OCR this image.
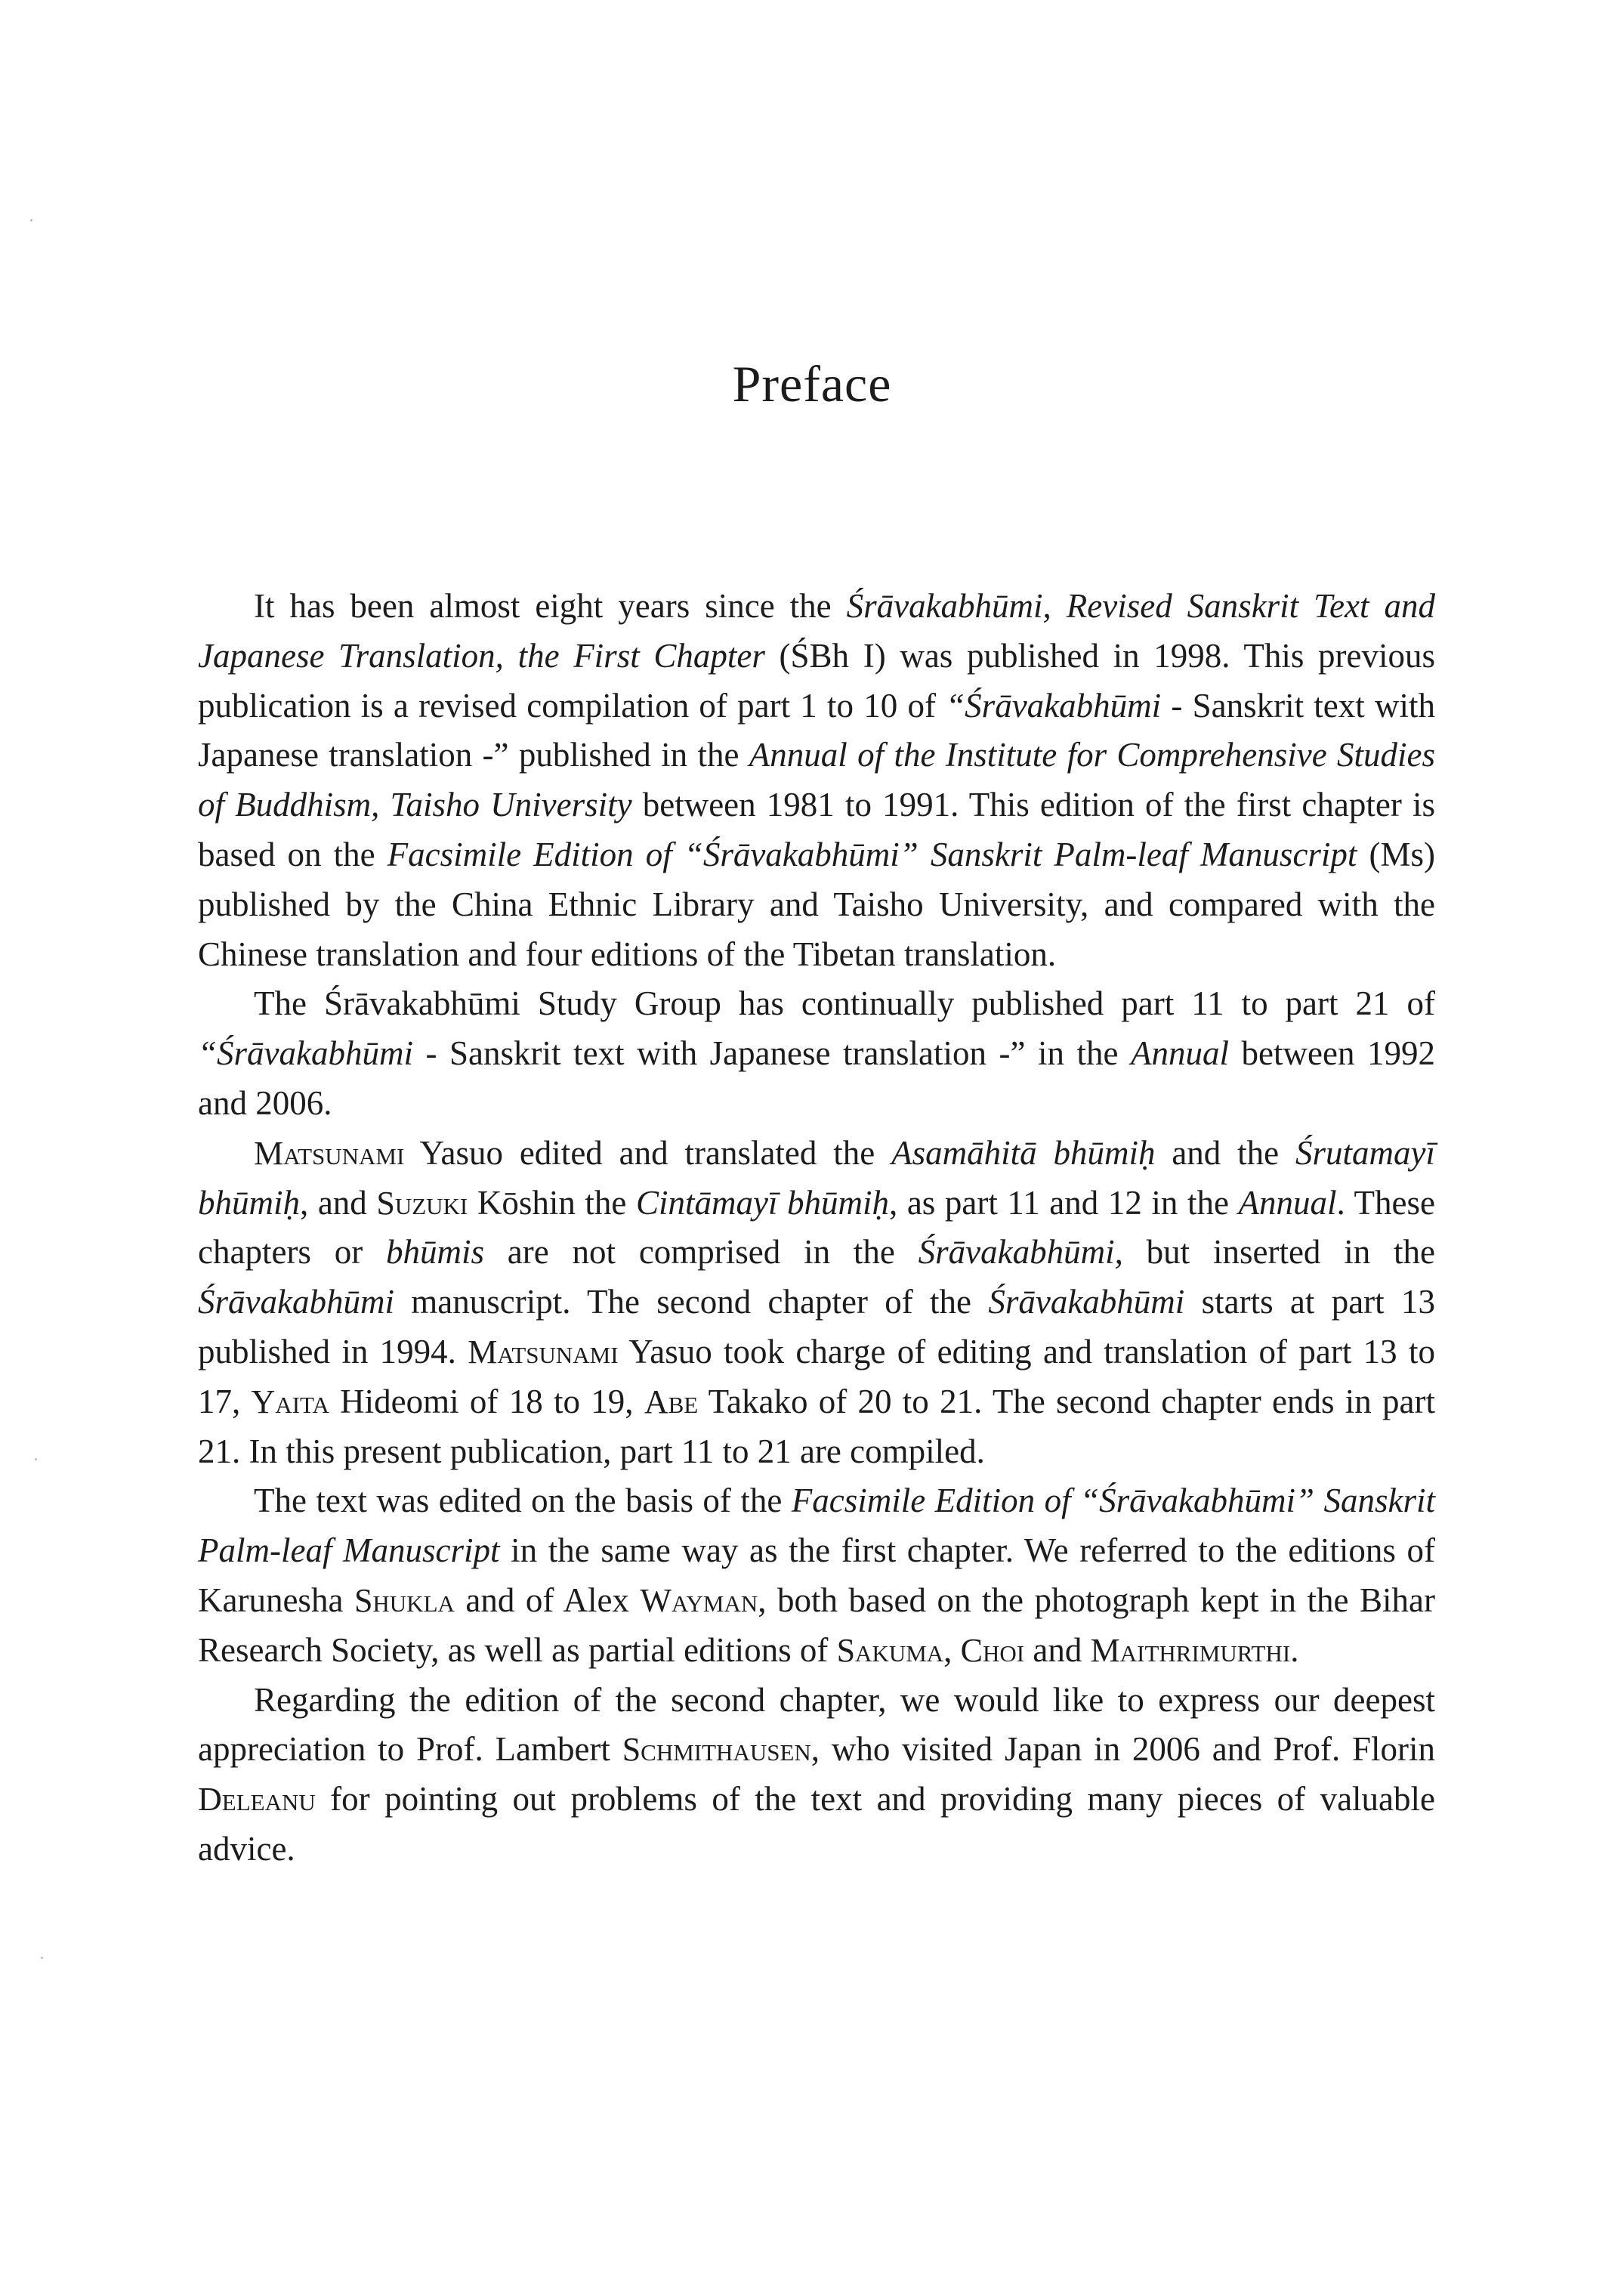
Preface

It has been almost eight years since the Śrāvakabhūmi, Revised Sanskrit Text and Japanese Translation, the First Chapter (ŚBh I) was published in 1998. This previous publication is a revised compilation of part 1 to 10 of “Śrāvakabhūmi - Sanskrit text with Japanese translation -” published in the Annual of the Institute for Comprehensive Studies of Buddhism, Taisho University between 1981 to 1991. This edition of the first chapter is based on the Facsimile Edition of “Śrāvakabhūmi” Sanskrit Palm-leaf Manuscript (Ms) published by the China Ethnic Library and Taisho University, and compared with the Chinese translation and four editions of the Tibetan translation.

The Śrāvakabhūmi Study Group has continually published part 11 to part 21 of “Śrāvakabhūmi - Sanskrit text with Japanese translation -” in the Annual between 1992 and 2006.

Matsunami Yasuo edited and translated the Asamāhitā bhūmiḥ and the Śrutamayī bhūmiḥ, and Suzuki Kōshin the Cintāmayī bhūmiḥ, as part 11 and 12 in the Annual. These chapters or bhūmis are not comprised in the Śrāvakabhūmi, but inserted in the Śrāvakabhūmi manuscript. The second chapter of the Śrāvakabhūmi starts at part 13 published in 1994. Matsunami Yasuo took charge of editing and translation of part 13 to 17, Yaita Hideomi of 18 to 19, Abe Takako of 20 to 21. The second chapter ends in part 21. In this present publication, part 11 to 21 are compiled.

The text was edited on the basis of the Facsimile Edition of “Śrāvakabhūmi” Sanskrit Palm-leaf Manuscript in the same way as the first chapter. We referred to the editions of Karunesha Shukla and of Alex Wayman, both based on the photograph kept in the Bihar Research Society, as well as partial editions of Sakuma, Choi and Maithrimurthi.

Regarding the edition of the second chapter, we would like to express our deepest appreciation to Prof. Lambert Schmithausen, who visited Japan in 2006 and Prof. Florin Deleanu for pointing out problems of the text and providing many pieces of valuable advice.
